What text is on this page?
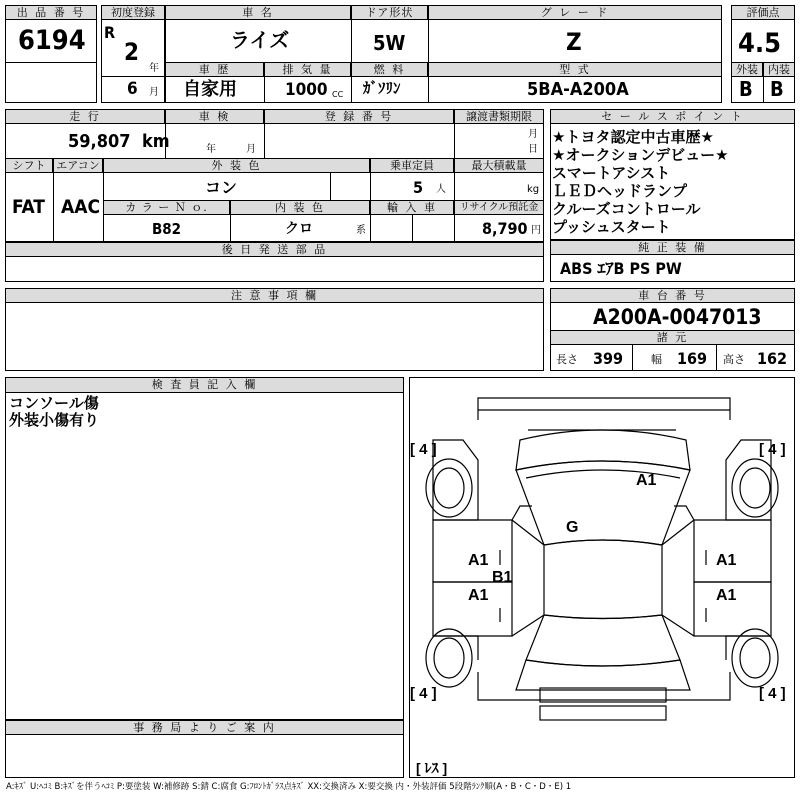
出 品 番 号
6194
初度登録
R
2
年
6 月
車 名
ライズ
ドア形状
5W
グ レ ー ド
Z
車 歴
自家用
排 気 量
1000 CC
燃 料
ｶﾞｿﾘﾝ
型 式
5BA-A200A
評価点
4.5
外装 内装
B B
走 行
59,807 km
車 検
年	月
登 録 番 号	譲渡書類期限
月
日
シフト エアコン
FAT AAC
外 装 色
コン
乗車定員
5 人
最大積載量
kg
カ ラ ー Ｎ ｏ.
B82
内 装 色
クロ	系
輸 入 車	リサイクル預託金
8,790 円
後 日 発 送 部 品
セ ー ル ス ポ イ ン ト
★トヨタ認定中古車歴★
★オークションデビュー★
スマートアシスト
ＬＥＤヘッドランプ
クルーズコントロール
プッシュスタート
純 正 装 備
ABS ｴｱB PS PW
注 意 事 項 欄	車 台 番 号
A200A-0047013
諸 元
長さ 399	幅 169 高さ 162
検 査 員 記 入 欄
コンソール傷
外装小傷有り
事 務 局 よ り ご 案 内
[ 4 ]	[ 4 ]
[ 4 ]	[ 4 ]
[ ﾚｽ ]
A1
G
A1
B1
A1
A1
A1
A:ｷｽﾞ U:ﾍｺﾐ B:ｷｽﾞを伴うﾍｺﾐ P:要塗装 W:補修跡 S:錆 C:腐食 G:ﾌﾛﾝﾄｶﾞﾗｽ点ｷｽﾞ XX:交換済み X:要交換 内・外装評価 5段階ﾗﾝｸ順(A・B・C・D・E) 1
